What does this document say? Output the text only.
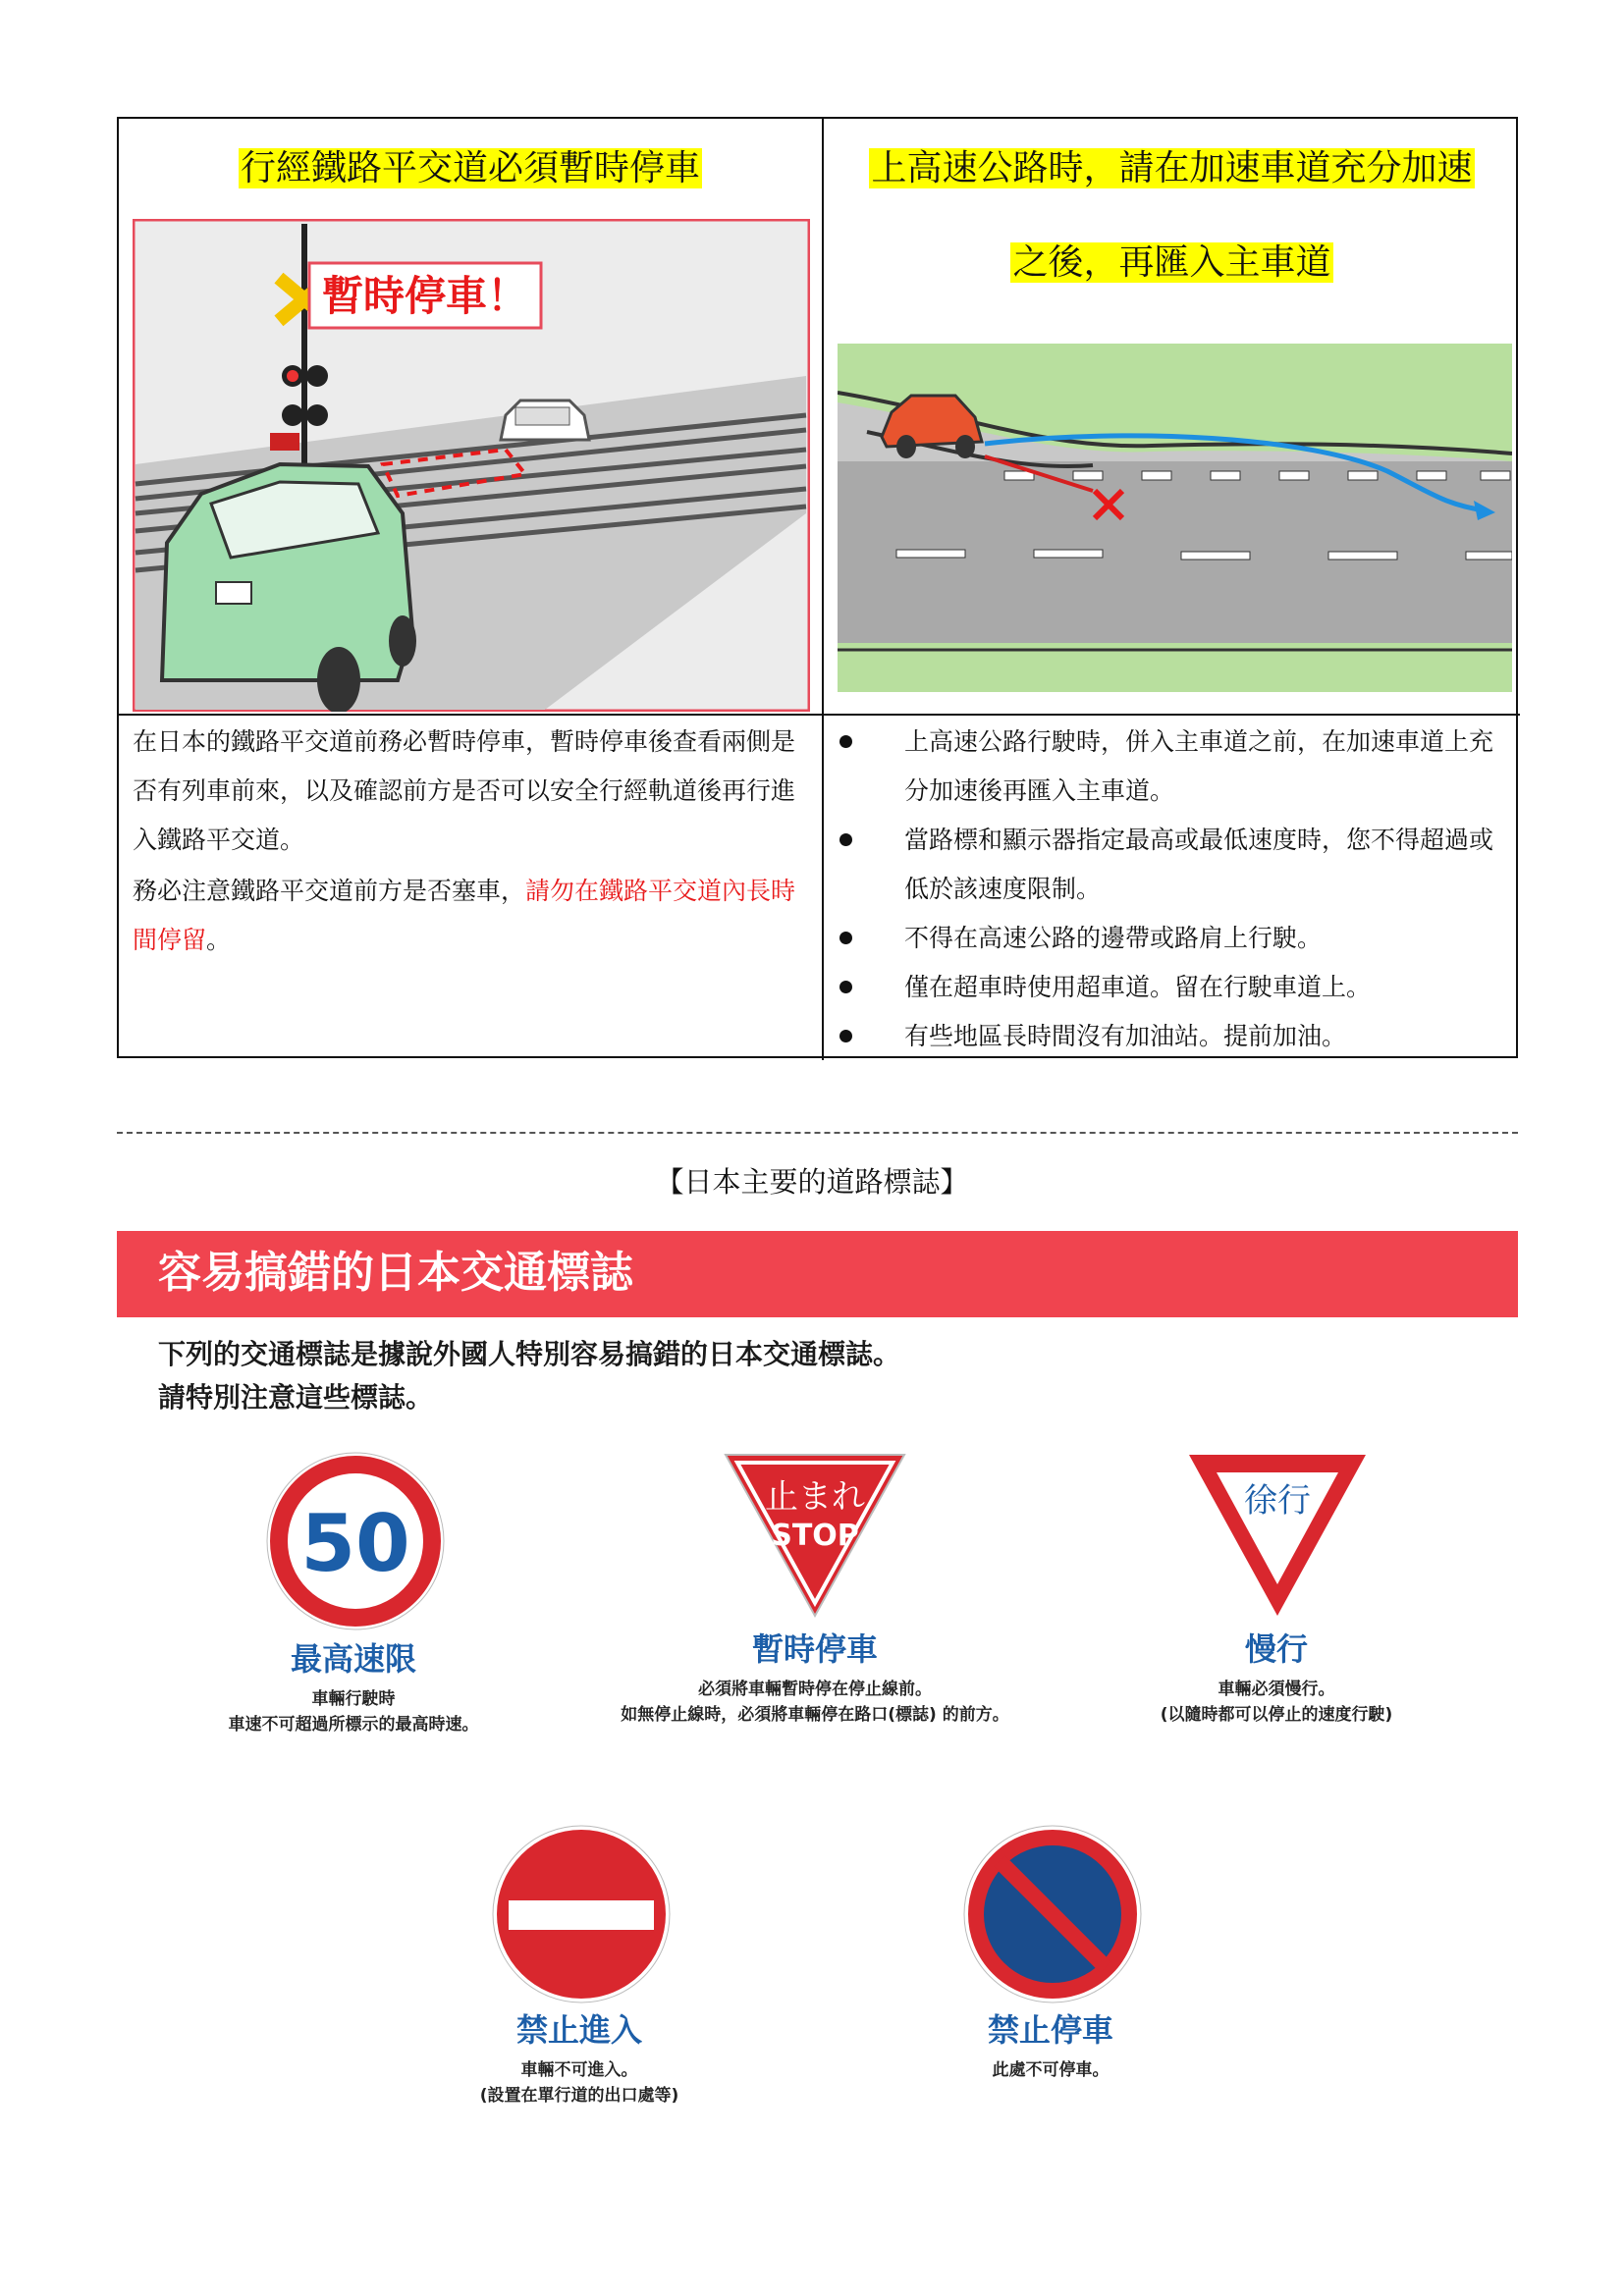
行經鐵路平交道必須暫時停車
暫時停車！
上高速公路時，請在加速車道充分加速
之後，再匯入主車道
在日本的鐵路平交道前務必暫時停車，暫時停車後查看兩側是否有列車前來，以及確認前方是否可以安全行經軌道後再行進入鐵路平交道。
務必注意鐵路平交道前方是否塞車，請勿在鐵路平交道內長時間停留。
上高速公路行駛時，併入主車道之前，在加速車道上充分加速後再匯入主車道。
當路標和顯示器指定最高或最低速度時，您不得超過或低於該速度限制。
不得在高速公路的邊帶或路肩上行駛。
僅在超車時使用超車道。留在行駛車道上。
有些地區長時間沒有加油站。提前加油。
【日本主要的道路標誌】
容易搞錯的日本交通標誌
下列的交通標誌是據說外國人特別容易搞錯的日本交通標誌。
請特別注意這些標誌。
50
最高速限
車輛行駛時
車速不可超過所標示的最高時速。
止まれ
STOP
暫時停車
必須將車輛暫時停在停止線前。
如無停止線時，必須將車輛停在路口(標誌) 的前方。
徐行
慢行
車輛必須慢行。
(以隨時都可以停止的速度行駛)
禁止進入
車輛不可進入。
(設置在單行道的出口處等)
禁止停車
此處不可停車。
